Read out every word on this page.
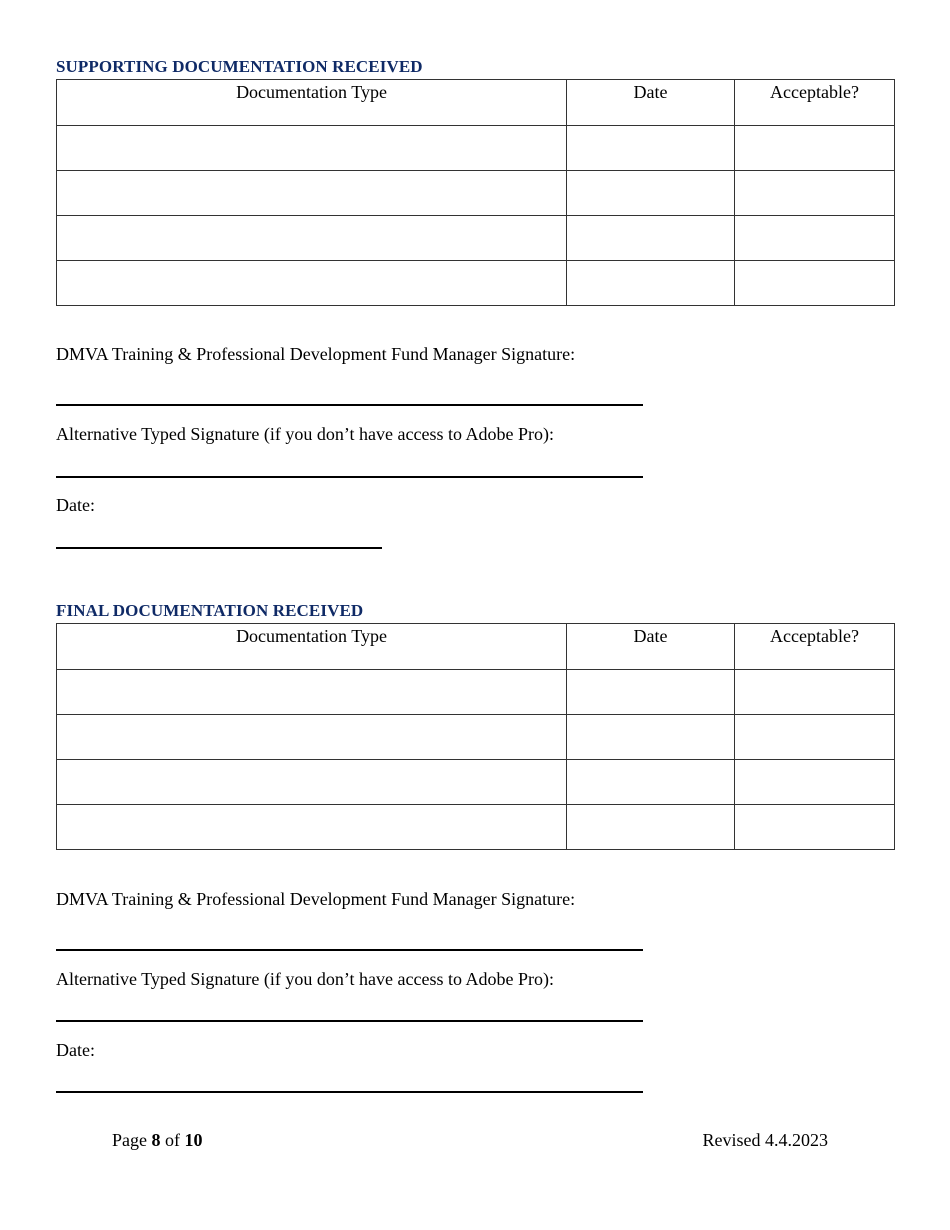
SUPPORTING DOCUMENTATION RECEIVED
Documentation Type	Date	Acceptable?

DMVA Training & Professional Development Fund Manager Signature:

Alternative Typed Signature (if you don’t have access to Adobe Pro):

Date:

FINAL DOCUMENTATION RECEIVED
Documentation Type	Date	Acceptable?

DMVA Training & Professional Development Fund Manager Signature:

Alternative Typed Signature (if you don’t have access to Adobe Pro):

Date:

Page 8 of 10	Revised 4.4.2023
